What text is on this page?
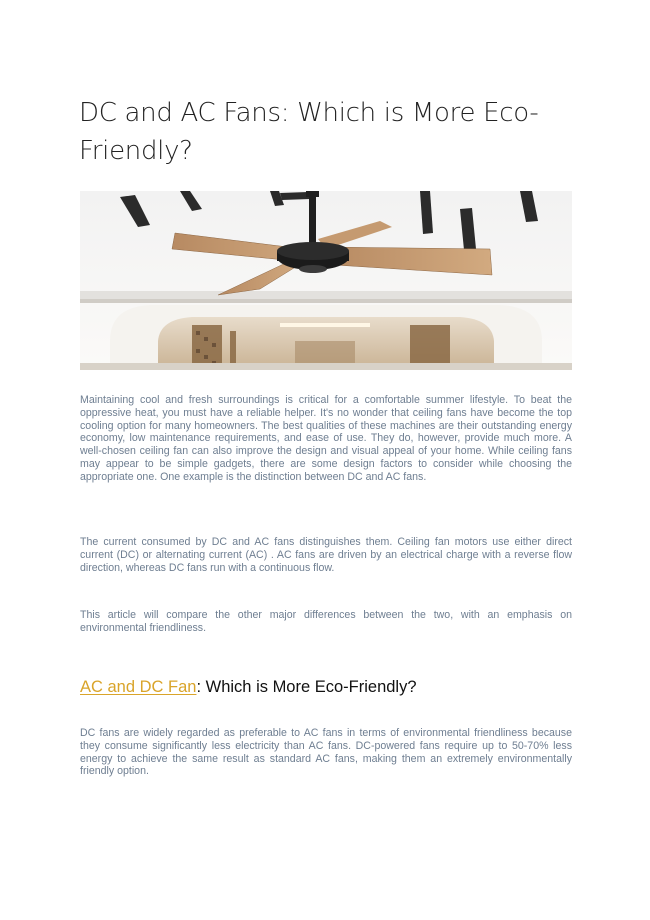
DC and AC Fans: Which is More Eco-Friendly?

Maintaining cool and fresh surroundings is critical for a comfortable summer lifestyle. To beat the oppressive heat, you must have a reliable helper. It's no wonder that ceiling fans have become the top cooling option for many homeowners. The best qualities of these machines are their outstanding energy economy, low maintenance requirements, and ease of use. They do, however, provide much more. A well-chosen ceiling fan can also improve the design and visual appeal of your home. While ceiling fans may appear to be simple gadgets, there are some design factors to consider while choosing the appropriate one. One example is the distinction between DC and AC fans.

The current consumed by DC and AC fans distinguishes them. Ceiling fan motors use either direct current (DC) or alternating current (AC) . AC fans are driven by an electrical charge with a reverse flow direction, whereas DC fans run with a continuous flow.

This article will compare the other major differences between the two, with an emphasis on environmental friendliness.

AC and DC Fan: Which is More Eco-Friendly?

DC fans are widely regarded as preferable to AC fans in terms of environmental friendliness because they consume significantly less electricity than AC fans. DC-powered fans require up to 50-70% less energy to achieve the same result as standard AC fans, making them an extremely environmentally friendly option.
